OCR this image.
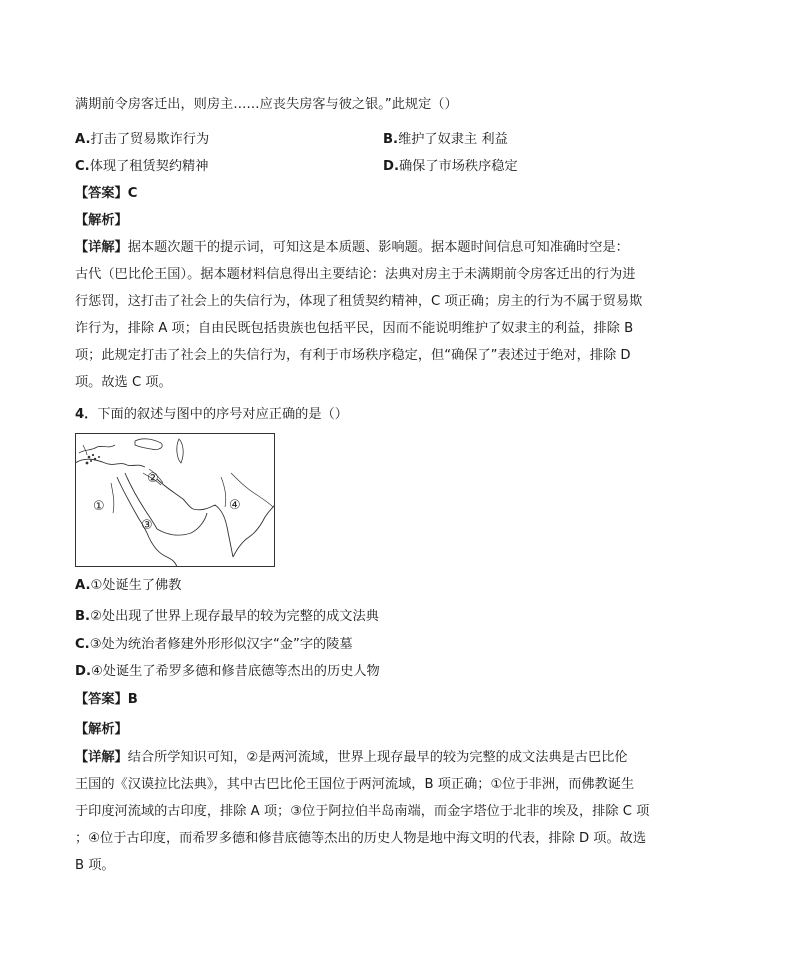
满期前令房客迁出，则房主……应丧失房客与彼之银。”此规定（）
A.打击了贸易欺诈行为	B.维护了奴隶主 利益
C.体现了租赁契约精神	D.确保了市场秩序稳定
【答案】C
【解析】
【详解】据本题次题干的提示词，可知这是本质题、影响题。据本题时间信息可知准确时空是：
古代（巴比伦王国）。据本题材料信息得出主要结论：法典对房主于未满期前令房客迁出的行为进
行惩罚，这打击了社会上的失信行为，体现了租赁契约精神，C 项正确；房主的行为不属于贸易欺
诈行为，排除 A 项；自由民既包括贵族也包括平民，因而不能说明维护了奴隶主的利益，排除 B
项；此规定打击了社会上的失信行为，有利于市场秩序稳定，但“确保了”表述过于绝对，排除 D
项。故选 C 项。
4．下面的叙述与图中的序号对应正确的是（）
①
②
③
④
A.①处诞生了佛教
B.②处出现了世界上现存最早的较为完整的成文法典
C.③处为统治者修建外形形似汉字“金”字的陵墓
D.④处诞生了希罗多德和修昔底德等杰出的历史人物
【答案】B
【解析】
【详解】结合所学知识可知，②是两河流域，世界上现存最早的较为完整的成文法典是古巴比伦
王国的《汉谟拉比法典》，其中古巴比伦王国位于两河流域，B 项正确；①位于非洲，而佛教诞生
于印度河流域的古印度，排除 A 项；③位于阿拉伯半岛南端，而金字塔位于北非的埃及，排除 C 项
；④位于古印度，而希罗多德和修昔底德等杰出的历史人物是地中海文明的代表，排除 D 项。故选
B 项。
